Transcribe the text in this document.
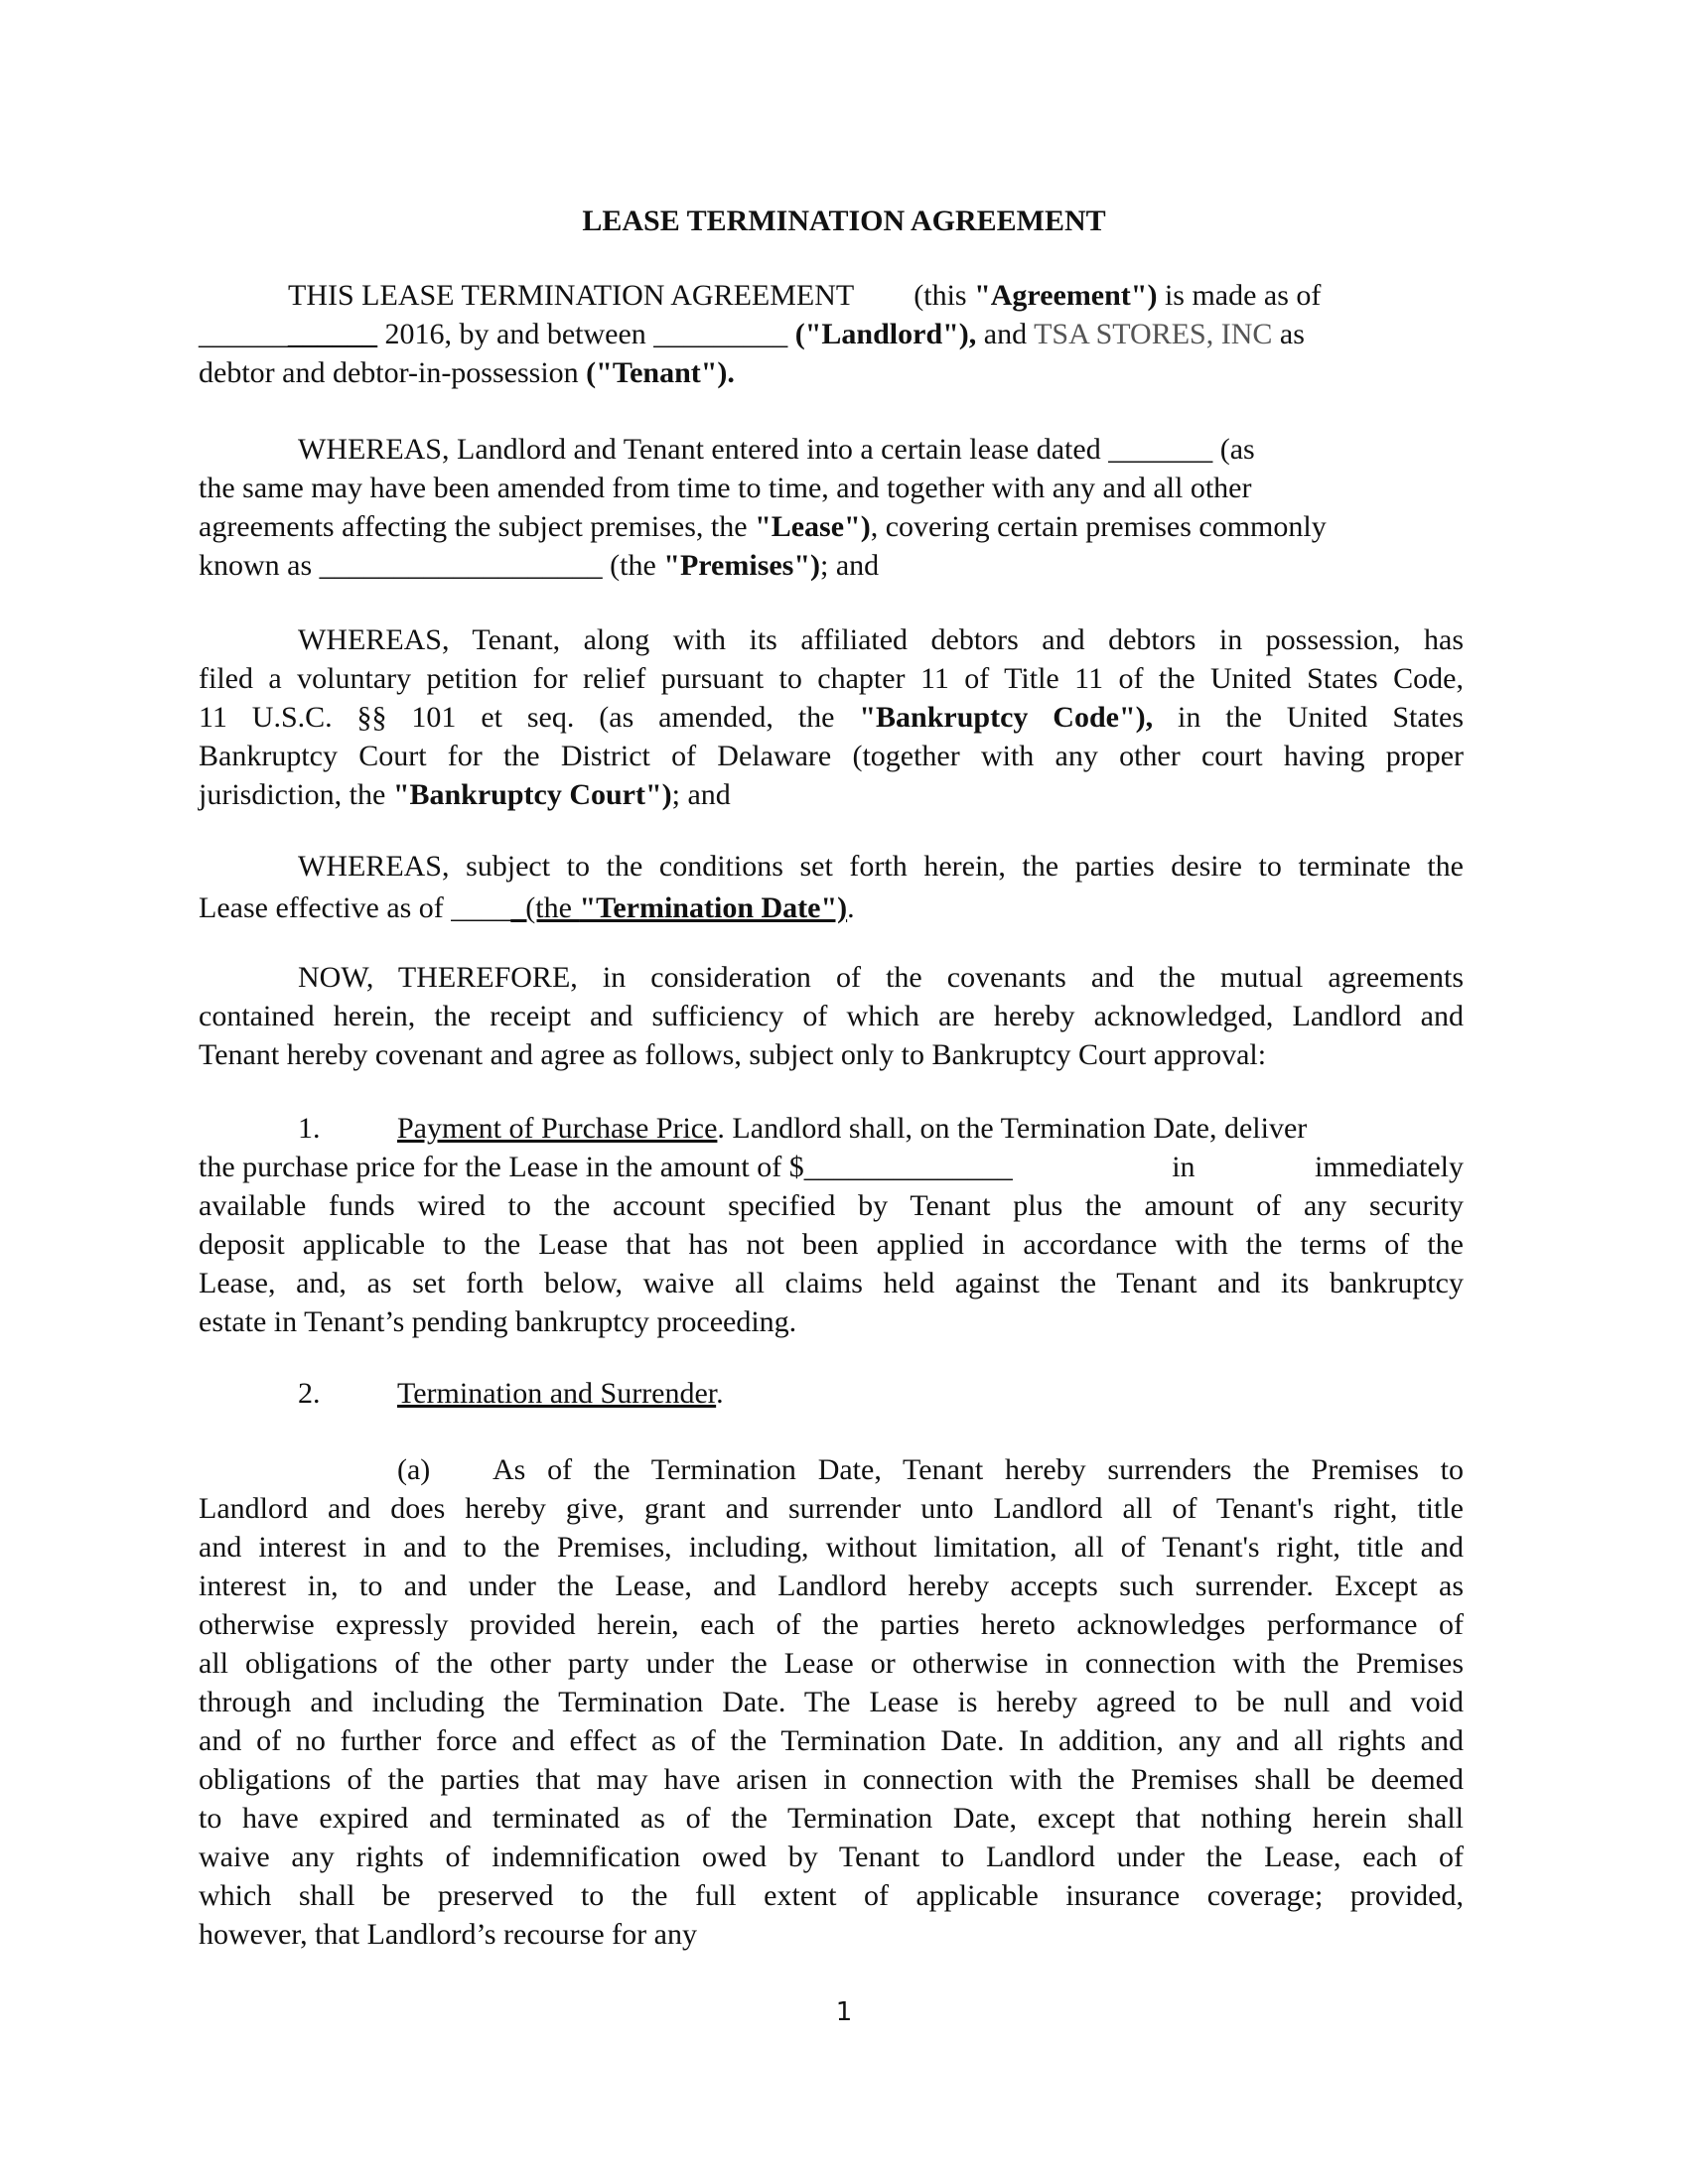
LEASE TERMINATION AGREEMENT
THIS LEASE TERMINATION AGREEMENT (this "Agreement") is made as of
____________ 2016, by and between _________ ("Landlord"), and TSA STORES, INC as
debtor and debtor-in-possession ("Tenant").
WHEREAS, Landlord and Tenant entered into a certain lease dated _______ (as
the same may have been amended from time to time, and together with any and all other
agreements affecting the subject premises, the "Lease"), covering certain premises commonly
known as ___________________ (the "Premises"); and
WHEREAS, Tenant, along with its affiliated debtors and debtors in possession, has
filed a voluntary petition for relief pursuant to chapter 11 of Title 11 of the United States Code,
11 U.S.C. §§ 101 et seq. (as amended, the "Bankruptcy Code"), in the United States
Bankruptcy Court for the District of Delaware (together with any other court having proper
jurisdiction, the "Bankruptcy Court"); and
WHEREAS, subject to the conditions set forth herein, the parties desire to terminate the
Lease effective as of _____(the "Termination Date").
NOW, THEREFORE, in consideration of the covenants and the mutual agreements
contained herein, the receipt and sufficiency of which are hereby acknowledged, Landlord and
Tenant hereby covenant and agree as follows, subject only to Bankruptcy Court approval:
1.	Payment of Purchase Price. Landlord shall, on the Termination Date, deliver
the purchase price for the Lease in the amount of $______________	in	immediately
available funds wired to the account specified by Tenant plus the amount of any security
deposit applicable to the Lease that has not been applied in accordance with the terms of the
Lease, and, as set forth below, waive all claims held against the Tenant and its bankruptcy
estate in Tenant’s pending bankruptcy proceeding.
2.	Termination and Surrender.
(a) As of the Termination Date, Tenant hereby surrenders the Premises to
Landlord and does hereby give, grant and surrender unto Landlord all of Tenant's right, title
and interest in and to the Premises, including, without limitation, all of Tenant's right, title and
interest in, to and under the Lease, and Landlord hereby accepts such surrender. Except as
otherwise expressly provided herein, each of the parties hereto acknowledges performance of
all obligations of the other party under the Lease or otherwise in connection with the Premises
through and including the Termination Date. The Lease is hereby agreed to be null and void
and of no further force and effect as of the Termination Date. In addition, any and all rights and
obligations of the parties that may have arisen in connection with the Premises shall be deemed
to have expired and terminated as of the Termination Date, except that nothing herein shall
waive any rights of indemnification owed by Tenant to Landlord under the Lease, each of
which shall be preserved to the full extent of applicable insurance coverage; provided,
however, that Landlord’s recourse for any
1
